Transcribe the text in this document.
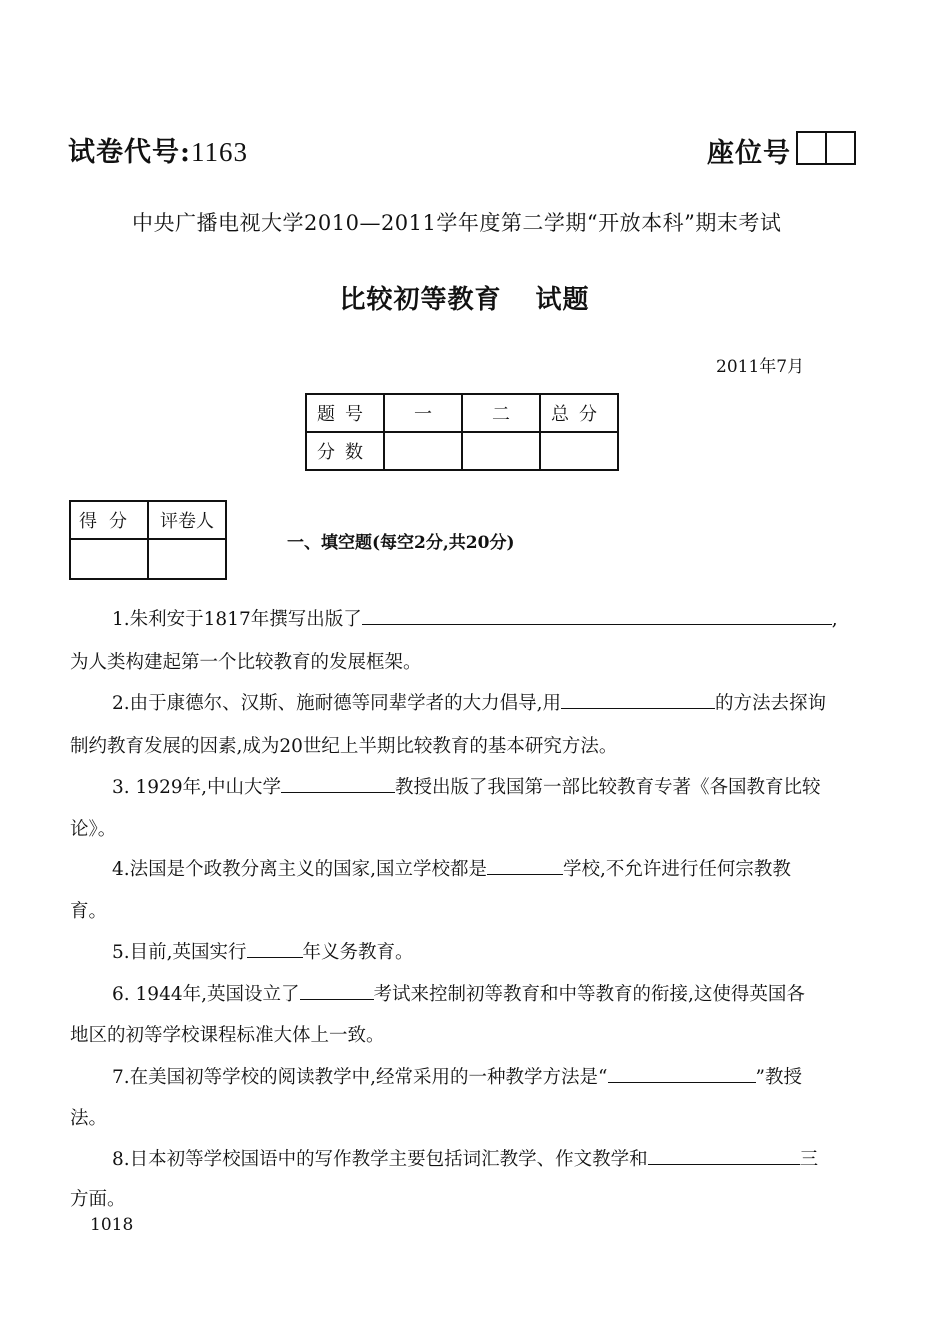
试卷代号:1163	座位号
中央广播电视大学2010—2011学年度第二学期“开放本科”期末考试
比较初等教育 试题
2011年7月
题号	一	二	总分
分数			
得分	评卷人

一、填空题(每空2分,共20分)
1.朱利安于1817年撰写出版了	,
为人类构建起第一个比较教育的发展框架。
2.由于康德尔、汉斯、施耐德等同辈学者的大力倡导,用	的方法去探询
制约教育发展的因素,成为20世纪上半期比较教育的基本研究方法。
3. 1929年,中山大学	教授出版了我国第一部比较教育专著《各国教育比较
论》。
4.法国是个政教分离主义的国家,国立学校都是	学校,不允许进行任何宗教教
育。
5.目前,英国实行	年义务教育。
6. 1944年,英国设立了	考试来控制初等教育和中等教育的衔接,这使得英国各
地区的初等学校课程标准大体上一致。
7.在美国初等学校的阅读教学中,经常采用的一种教学方法是“	”教授
法。
8.日本初等学校国语中的写作教学主要包括词汇教学、作文教学和	三
方面。
1018
